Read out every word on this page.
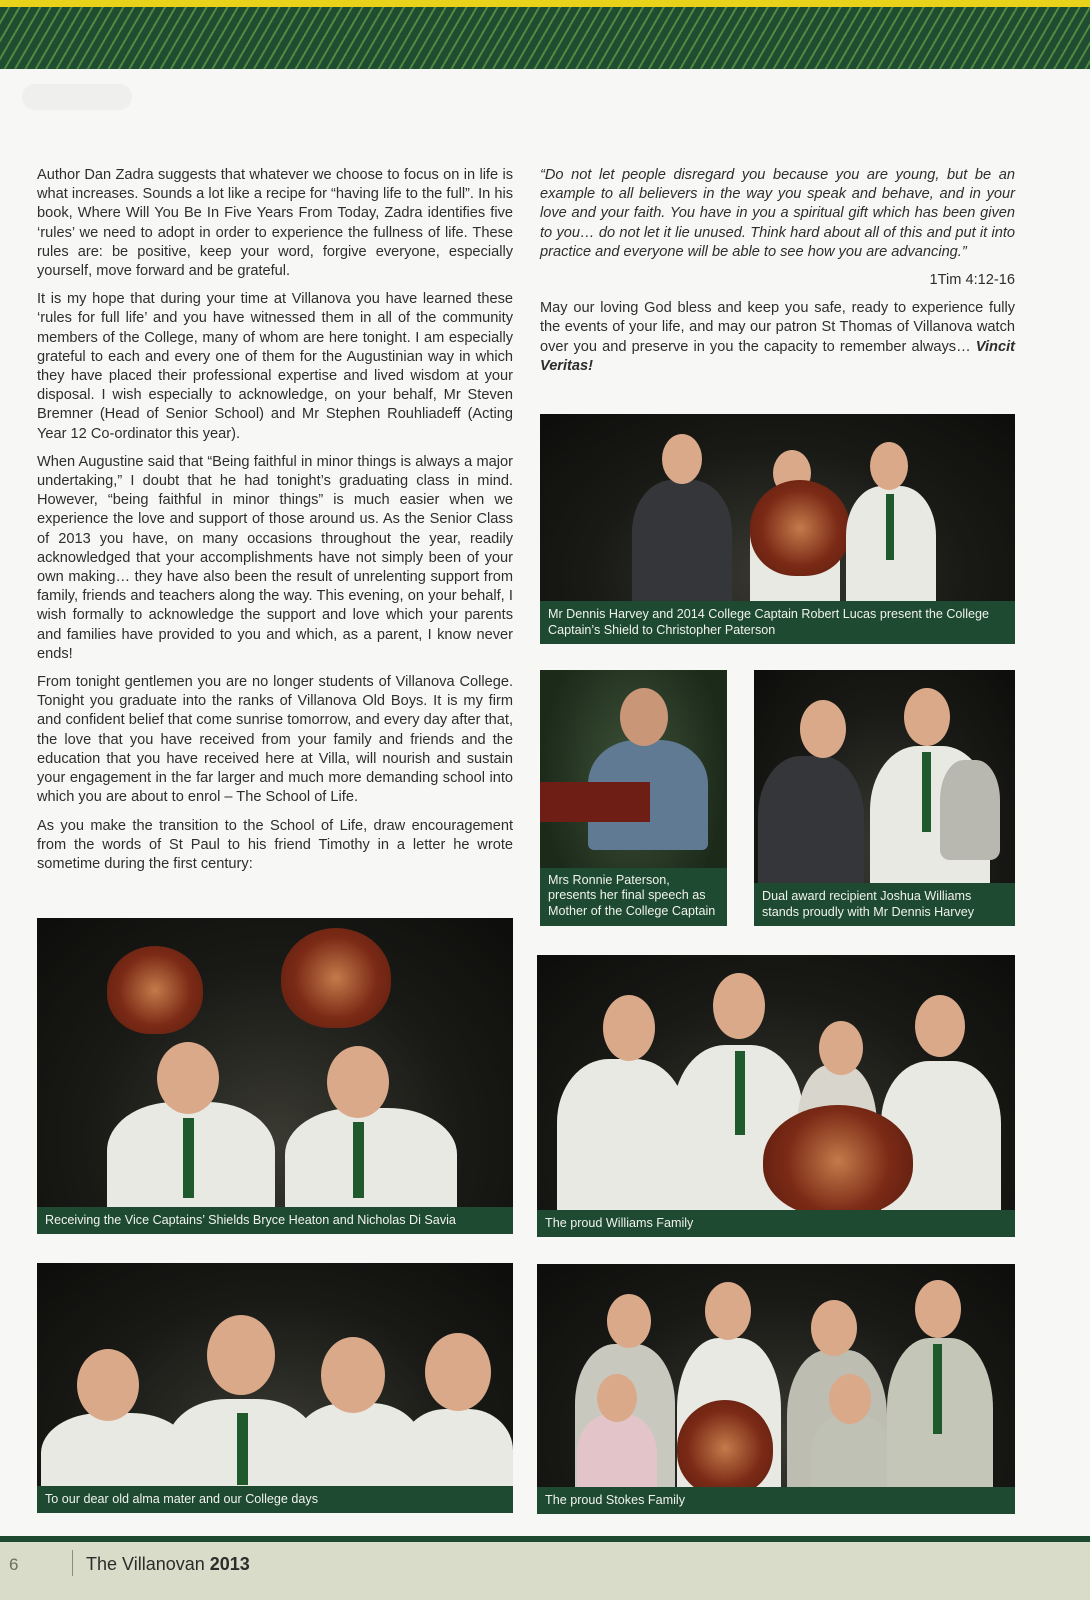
Author Dan Zadra suggests that whatever we choose to focus on in life is what increases. Sounds a lot like a recipe for “having life to the full”. In his book, Where Will You Be In Five Years From Today, Zadra identifies five ‘rules’ we need to adopt in order to experience the fullness of life. These rules are: be positive, keep your word, forgive everyone, especially yourself, move forward and be grateful.

It is my hope that during your time at Villanova you have learned these ‘rules for full life’ and you have witnessed them in all of the community members of the College, many of whom are here tonight. I am especially grateful to each and every one of them for the Augustinian way in which they have placed their professional expertise and lived wisdom at your disposal. I wish especially to acknowledge, on your behalf, Mr Steven Bremner (Head of Senior School) and Mr Stephen Rouhliadeff (Acting Year 12 Co-ordinator this year).

When Augustine said that “Being faithful in minor things is always a major undertaking,” I doubt that he had tonight’s graduating class in mind. However, “being faithful in minor things” is much easier when we experience the love and support of those around us. As the Senior Class of 2013 you have, on many occasions throughout the year, readily acknowledged that your accomplishments have not simply been of your own making… they have also been the result of unrelenting support from family, friends and teachers along the way. This evening, on your behalf, I wish formally to acknowledge the support and love which your parents and families have provided to you and which, as a parent, I know never ends!

From tonight gentlemen you are no longer students of Villanova College. Tonight you graduate into the ranks of Villanova Old Boys. It is my firm and confident belief that come sunrise tomorrow, and every day after that, the love that you have received from your family and friends and the education that you have received here at Villa, will nourish and sustain your engagement in the far larger and much more demanding school into which you are about to enrol – The School of Life.

As you make the transition to the School of Life, draw encouragement from the words of St Paul to his friend Timothy in a letter he wrote sometime during the first century:

“Do not let people disregard you because you are young, but be an example to all believers in the way you speak and behave, and in your love and your faith. You have in you a spiritual gift which has been given to you… do not let it lie unused. Think hard about all of this and put it into practice and everyone will be able to see how you are advancing.”

1Tim 4:12-16

May our loving God bless and keep you safe, ready to experience fully the events of your life, and may our patron St Thomas of Villanova watch over you and preserve in you the capacity to remember always… Vincit Veritas!

Mr Dennis Harvey and 2014 College Captain Robert Lucas present the College Captain’s Shield to Christopher Paterson
Mrs Ronnie Paterson, presents her final speech as Mother of the College Captain
Dual award recipient Joshua Williams stands proudly with Mr Dennis Harvey
Receiving the Vice Captains’ Shields Bryce Heaton and Nicholas Di Savia	The proud Williams Family
To our dear old alma mater and our College days	The proud Stokes Family
6	The Villanovan 2013
